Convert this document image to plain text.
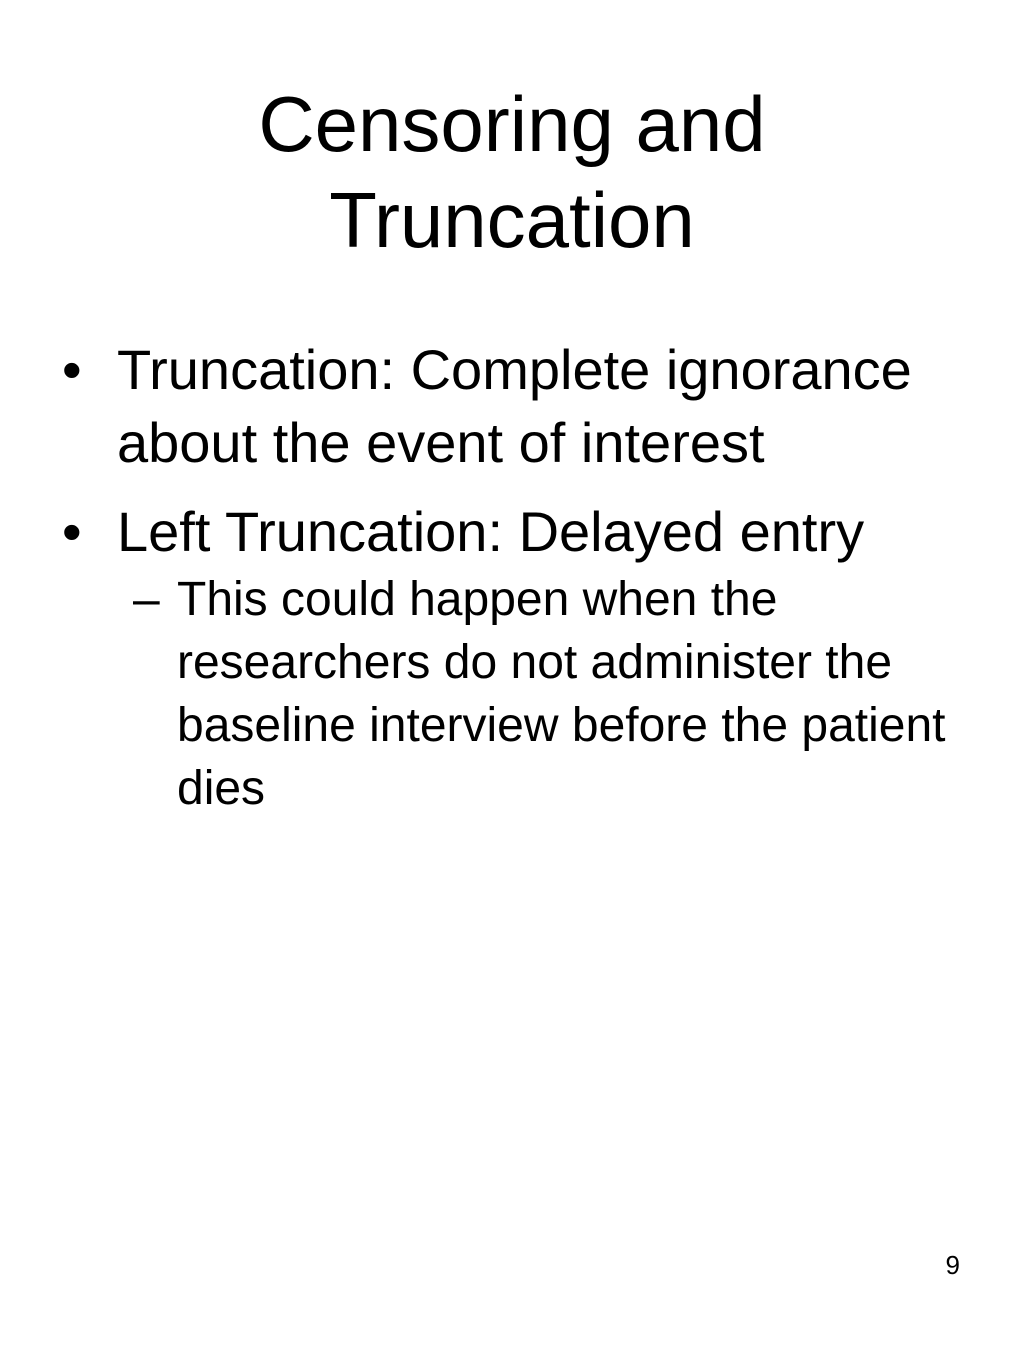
Censoring and
Truncation
• Truncation: Complete ignorance about the event of interest
• Left Truncation: Delayed entry
– This could happen when the researchers do not administer the baseline interview before the patient dies
9
